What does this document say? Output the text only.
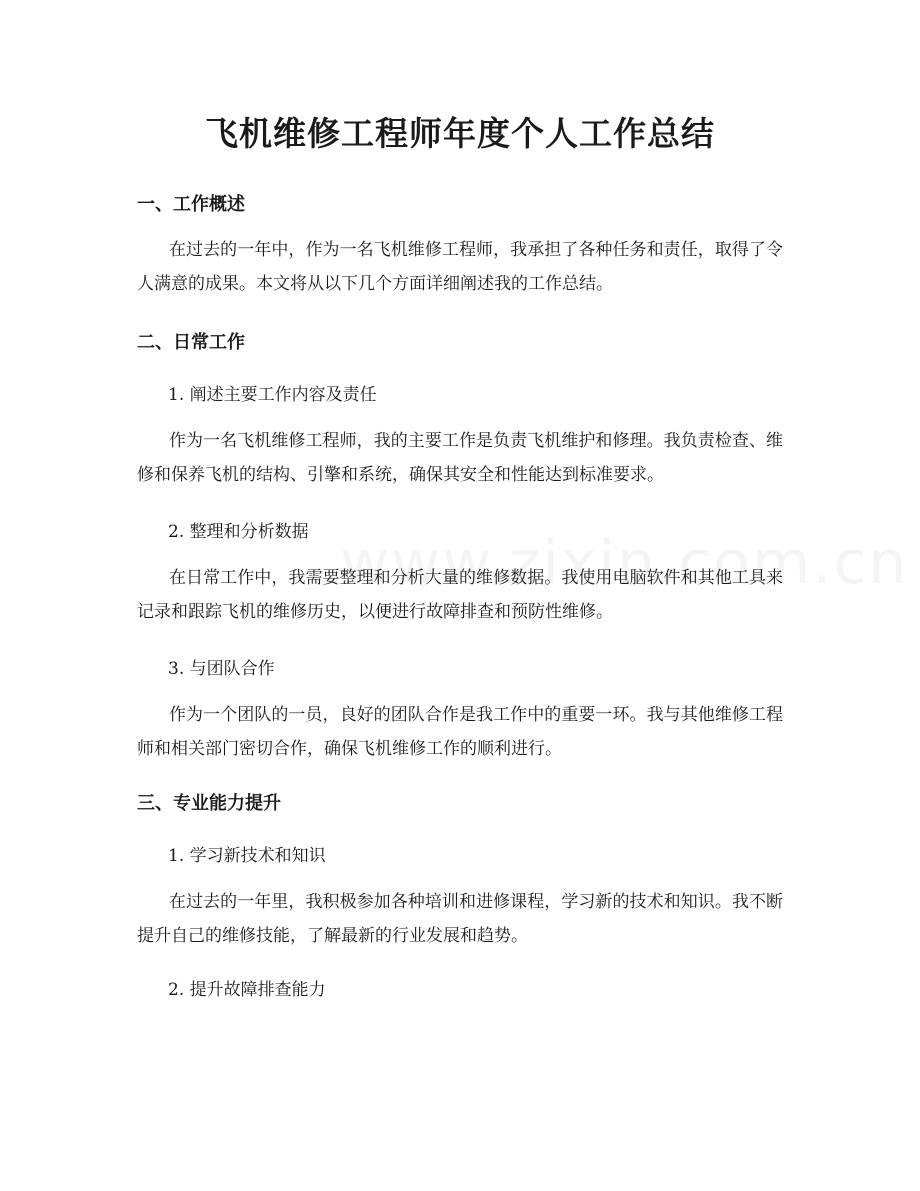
飞机维修工程师年度个人工作总结
一、工作概述

在过去的一年中，作为一名飞机维修工程师，我承担了各种任务和责任，取得了令人满意的成果。本文将从以下几个方面详细阐述我的工作总结。

二、日常工作
1. 阐述主要工作内容及责任

作为一名飞机维修工程师，我的主要工作是负责飞机维护和修理。我负责检查、维修和保养飞机的结构、引擎和系统，确保其安全和性能达到标准要求。

2. 整理和分析数据

在日常工作中，我需要整理和分析大量的维修数据。我使用电脑软件和其他工具来记录和跟踪飞机的维修历史，以便进行故障排查和预防性维修。

3. 与团队合作

作为一个团队的一员，良好的团队合作是我工作中的重要一环。我与其他维修工程师和相关部门密切合作，确保飞机维修工作的顺利进行。

三、专业能力提升
1. 学习新技术和知识

在过去的一年里，我积极参加各种培训和进修课程，学习新的技术和知识。我不断提升自己的维修技能，了解最新的行业发展和趋势。

2. 提升故障排查能力
